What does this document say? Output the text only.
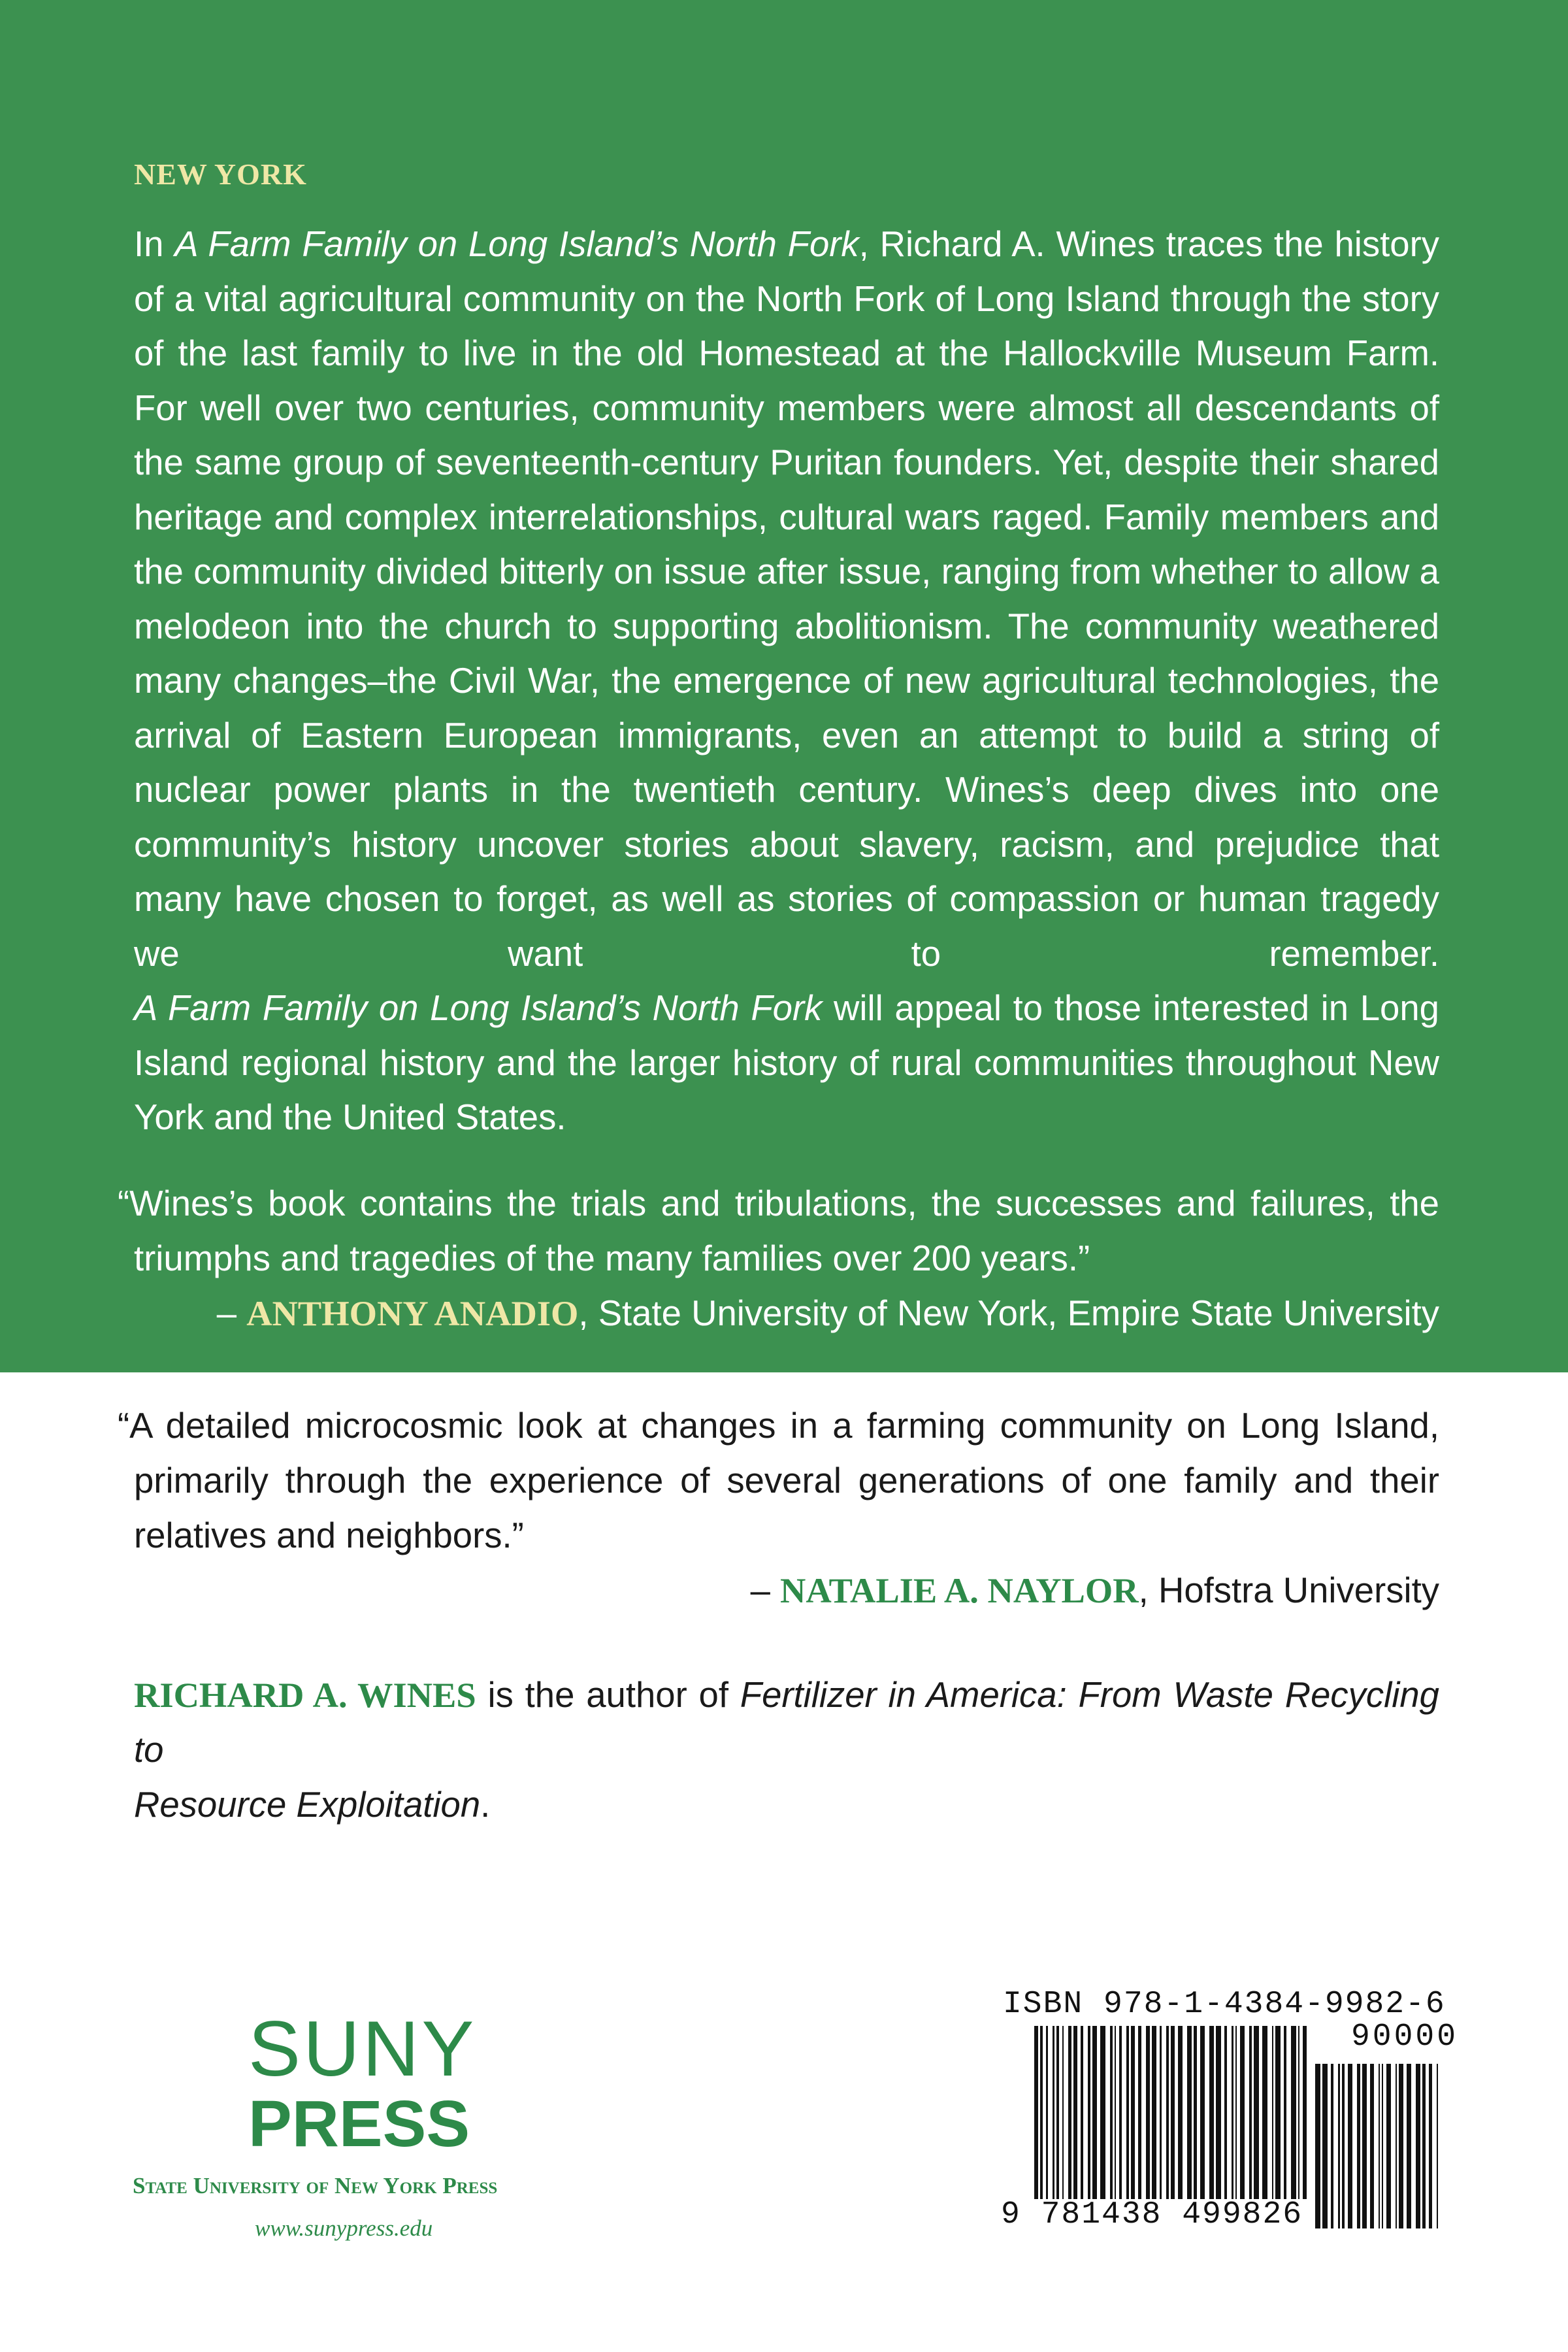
NEW YORK

In A Farm Family on Long Island’s North Fork, Richard A. Wines traces the history of a vital agricultural community on the North Fork of Long Island through the story of the last family to live in the old Homestead at the Hallockville Museum Farm. For well over two centuries, community members were almost all descendants of the same group of seventeenth-century Puritan founders. Yet, despite their shared heritage and complex interrelationships, cultural wars raged. Family members and the community divided bitterly on issue after issue, ranging from whether to allow a melodeon into the church to supporting abolitionism. The community weathered many changes–the Civil War, the emergence of new agricultural technologies, the arrival of Eastern European immigrants, even an attempt to build a string of nuclear power plants in the twentieth century. Wines’s deep dives into one community’s history uncover stories about slavery, racism, and prejudice that many have chosen to forget, as well as stories of compassion or human tragedy we want to remember.

A Farm Family on Long Island’s North Fork will appeal to those interested in Long Island regional history and the larger history of rural communities throughout New York and the United States.

“Wines’s book contains the trials and tribulations, the successes and failures, the
triumphs and tragedies of the many families over 200 years.”
– ANTHONY ANADIO, State University of New York, Empire State University
“A detailed microcosmic look at changes in a farming community on Long Island,
primarily through the experience of several generations of one family and their
relatives and neighbors.”
– NATALIE A. NAYLOR, Hofstra University
RICHARD A. WINES is the author of Fertilizer in America: From Waste Recycling to
Resource Exploitation.
SUNY
PRESS
State University of New York Press
www.sunypress.edu
ISBN 978-1-4384-9982-6
90000
9 781438 499826
